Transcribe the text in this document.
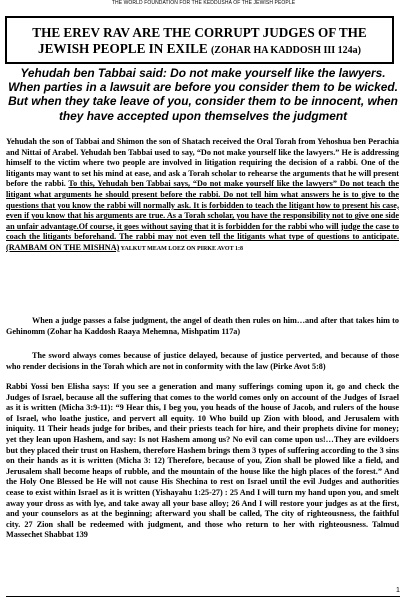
THE WORLD FOUNDATION FOR THE KEDDUSHA OF THE JEWISH PEOPLE
THE EREV RAV ARE THE CORRUPT JUDGES OF THE JEWISH PEOPLE IN EXILE (ZOHAR HA KADDOSH III 124a)
Yehudah ben Tabbai said: Do not make yourself like the lawyers. When parties in a lawsuit are before you consider them to be wicked. But when they take leave of you, consider them to be innocent, when they have accepted upon themselves the judgment
Yehudah the son of Tabbai and Shimon the son of Shatach received the Oral Torah from Yehoshua ben Perachia and Nittai of Arabel. Yehudah ben Tabbai used to say, “Do not make yourself like the lawyers.” He is addressing himself to the victim where two people are involved in litigation requiring the decision of a rabbi. One of the litigants may want to set his mind at ease, and ask a Torah scholar to rehearse the arguments that he will present before the rabbi. To this, Yehudah ben Tabbai says, “Do not make yourself like the lawyers” Do not teach the litigant what arguments he should present before the rabbi. Do not tell him what answers he is to give to the questions that you know the rabbi will normally ask. It is forbidden to teach the litigant how to present his case, even if you know that his arguments are true. As a Torah scholar, you have the responsibility not to give one side an unfair advantage.Of course, it goes without saying that it is forbidden for the rabbi who will judge the case to coach the litigants beforehand. The rabbi may not even tell the litigants what type of questions to anticipate. (RAMBAM ON THE MISHNA) YALKUT MEAM LOEZ ON PIRKE AVOT 1:8
When a judge passes a false judgment, the angel of death then rules on him…and after that takes him to Gehinomm (Zohar ha Kaddosh Raaya Mehemna, Mishpatim 117a)
The sword always comes because of justice delayed, because of justice perverted, and because of those who render decisions in the Torah which are not in conformity with the law (Pirke Avot 5:8)
Rabbi Yossi ben Elisha says: If you see a generation and many sufferings coming upon it, go and check the Judges of Israel, because all the suffering that comes to the world comes only on account of the Judges of Israel as it is written (Micha 3:9-11): “9 Hear this, I beg you, you heads of the house of Jacob, and rulers of the house of Israel, who loathe justice, and pervert all equity. 10 Who build up Zion with blood, and Jerusalem with iniquity. 11 Their heads judge for bribes, and their priests teach for hire, and their prophets divine for money; yet they lean upon Hashem, and say: Is not Hashem among us? No evil can come upon us!…They are evildoers but they placed their trust on Hashem, therefore Hashem brings them 3 types of suffering according to the 3 sins on their hands as it is written (Micha 3: 12) Therefore, because of you, Zion shall be plowed like a field, and Jerusalem shall become heaps of rubble, and the mountain of the house like the high places of the forest.” And the Holy One Blessed be He will not cause His Shechina to rest on Israel until the evil Judges and authorities cease to exist within Israel as it is written (Yishayahu 1:25-27) : 25 And I will turn my hand upon you, and smelt away your dross as with lye, and take away all your base alloy; 26 And I will restore your judges as at the first, and your counselors as at the beginning; afterward you shall be called, The city of righteousness, the faithful city. 27 Zion shall be redeemed with judgment, and those who return to her with righteousness. Talmud Massechet Shabbat 139
1
